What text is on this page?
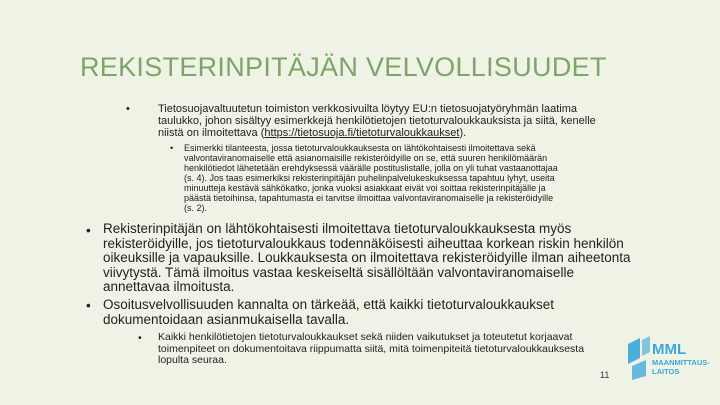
REKISTERINPITÄJÄN VELVOLLISUUDET
•	Tietosuojavaltuutetun toimiston verkkosivuilta löytyy EU:n tietosuojatyöryhmän laatima
taulukko, johon sisältyy esimerkkejä henkilötietojen tietoturvaloukkauksista ja siitä, kenelle
niistä on ilmoitettava (https://tietosuoja.fi/tietoturvaloukkaukset).
• Esimerkki tilanteesta, jossa tietoturvaloukkauksesta on lähtökohtaisesti ilmoitettava sekä
valvontaviranomaiselle että asianomaisille rekisteröidyille on se, että suuren henkilömäärän
henkilötiedot lähetetään erehdyksessä väärälle postituslistalle, jolla on yli tuhat vastaanottajaa
(s. 4). Jos taas esimerkiksi rekisterinpitäjän puhelinpalvelukeskuksessa tapahtuu lyhyt, useita
minuutteja kestävä sähkökatko, jonka vuoksi asiakkaat eivät voi soittaa rekisterinpitäjälle ja
päästä tietoihinsa, tapahtumasta ei tarvitse ilmoittaa valvontaviranomaiselle ja rekisteröidyille
(s. 2).
• Rekisterinpitäjän on lähtökohtaisesti ilmoitettava tietoturvaloukkauksesta myös
rekisteröidyille, jos tietoturvaloukkaus todennäköisesti aiheuttaa korkean riskin henkilön
oikeuksille ja vapauksille. Loukkauksesta on ilmoitettava rekisteröidyille ilman aiheetonta
viivytystä. Tämä ilmoitus vastaa keskeiseltä sisällöltään valvontaviranomaiselle
annettavaa ilmoitusta.
• Osoitusvelvollisuuden kannalta on tärkeää, että kaikki tietoturvaloukkaukset
dokumentoidaan asianmukaisella tavalla.
• Kaikki henkilötietojen tietoturvaloukkaukset sekä niiden vaikutukset ja toteutetut korjaavat
toimenpiteet on dokumentoitava riippumatta siitä, mitä toimenpiteitä tietoturvaloukkauksesta
lopulta seuraa.
MML
MAANMITTAUS-
LAITOS
11
